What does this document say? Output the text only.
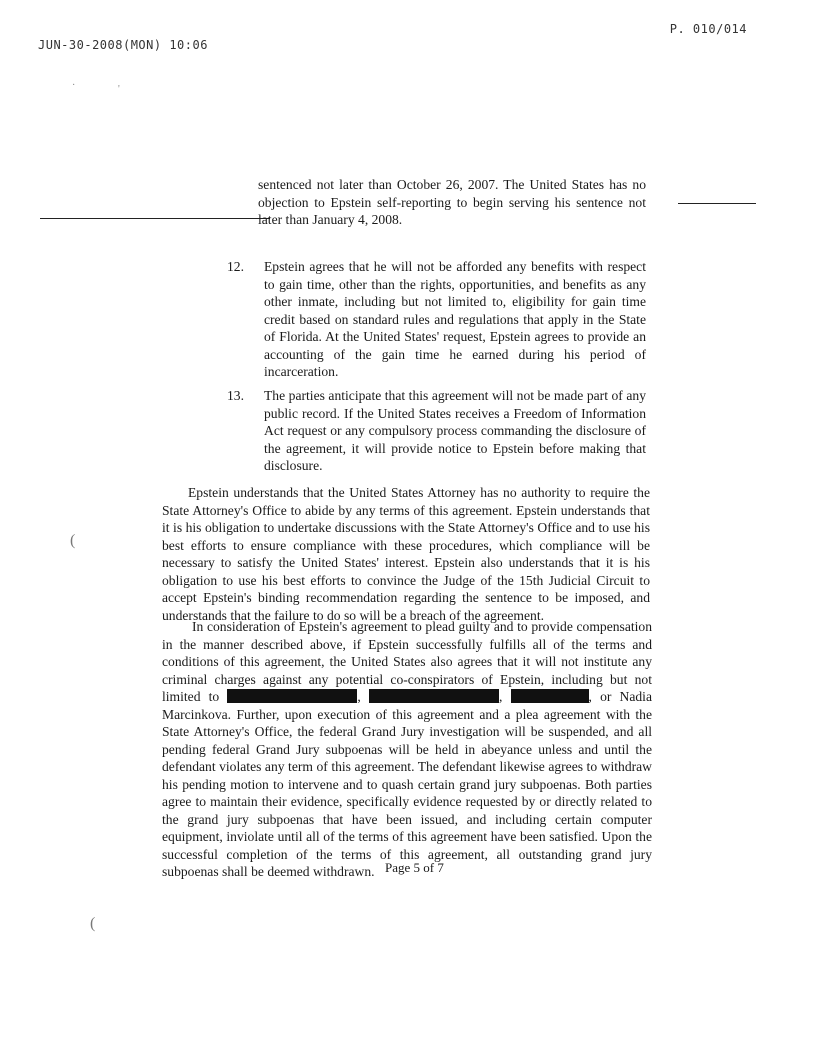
JUN-30-2008(MON) 10:06
P. 010/014
·	'
(
(

sentenced not later than October 26, 2007. The United States has no objection to Epstein self-reporting to begin serving his sentence not later than January 4, 2008.

12. Epstein agrees that he will not be afforded any benefits with respect to gain time, other than the rights, opportunities, and benefits as any other inmate, including but not limited to, eligibility for gain time credit based on standard rules and regulations that apply in the State of Florida. At the United States' request, Epstein agrees to provide an accounting of the gain time he earned during his period of incarceration.

13. The parties anticipate that this agreement will not be made part of any public record. If the United States receives a Freedom of Information Act request or any compulsory process commanding the disclosure of the agreement, it will provide notice to Epstein before making that disclosure.

Epstein understands that the United States Attorney has no authority to require the State Attorney's Office to abide by any terms of this agreement. Epstein understands that it is his obligation to undertake discussions with the State Attorney's Office and to use his best efforts to ensure compliance with these procedures, which compliance will be necessary to satisfy the United States' interest. Epstein also understands that it is his obligation to use his best efforts to convince the Judge of the 15th Judicial Circuit to accept Epstein's binding recommendation regarding the sentence to be imposed, and understands that the failure to do so will be a breach of the agreement.

In consideration of Epstein's agreement to plead guilty and to provide compensation in the manner described above, if Epstein successfully fulfills all of the terms and conditions of this agreement, the United States also agrees that it will not institute any criminal charges against any potential co-conspirators of Epstein, including but not limited to	,	,	, or Nadia Marcinkova. Further, upon execution of this agreement and a plea agreement with the State Attorney's Office, the federal Grand Jury investigation will be suspended, and all pending federal Grand Jury subpoenas will be held in abeyance unless and until the defendant violates any term of this agreement. The defendant likewise agrees to withdraw his pending motion to intervene and to quash certain grand jury subpoenas. Both parties agree to maintain their evidence, specifically evidence requested by or directly related to the grand jury subpoenas that have been issued, and including certain computer equipment, inviolate until all of the terms of this agreement have been satisfied. Upon the successful completion of the terms of this agreement, all outstanding grand jury subpoenas shall be deemed withdrawn. Page 5 of 7
